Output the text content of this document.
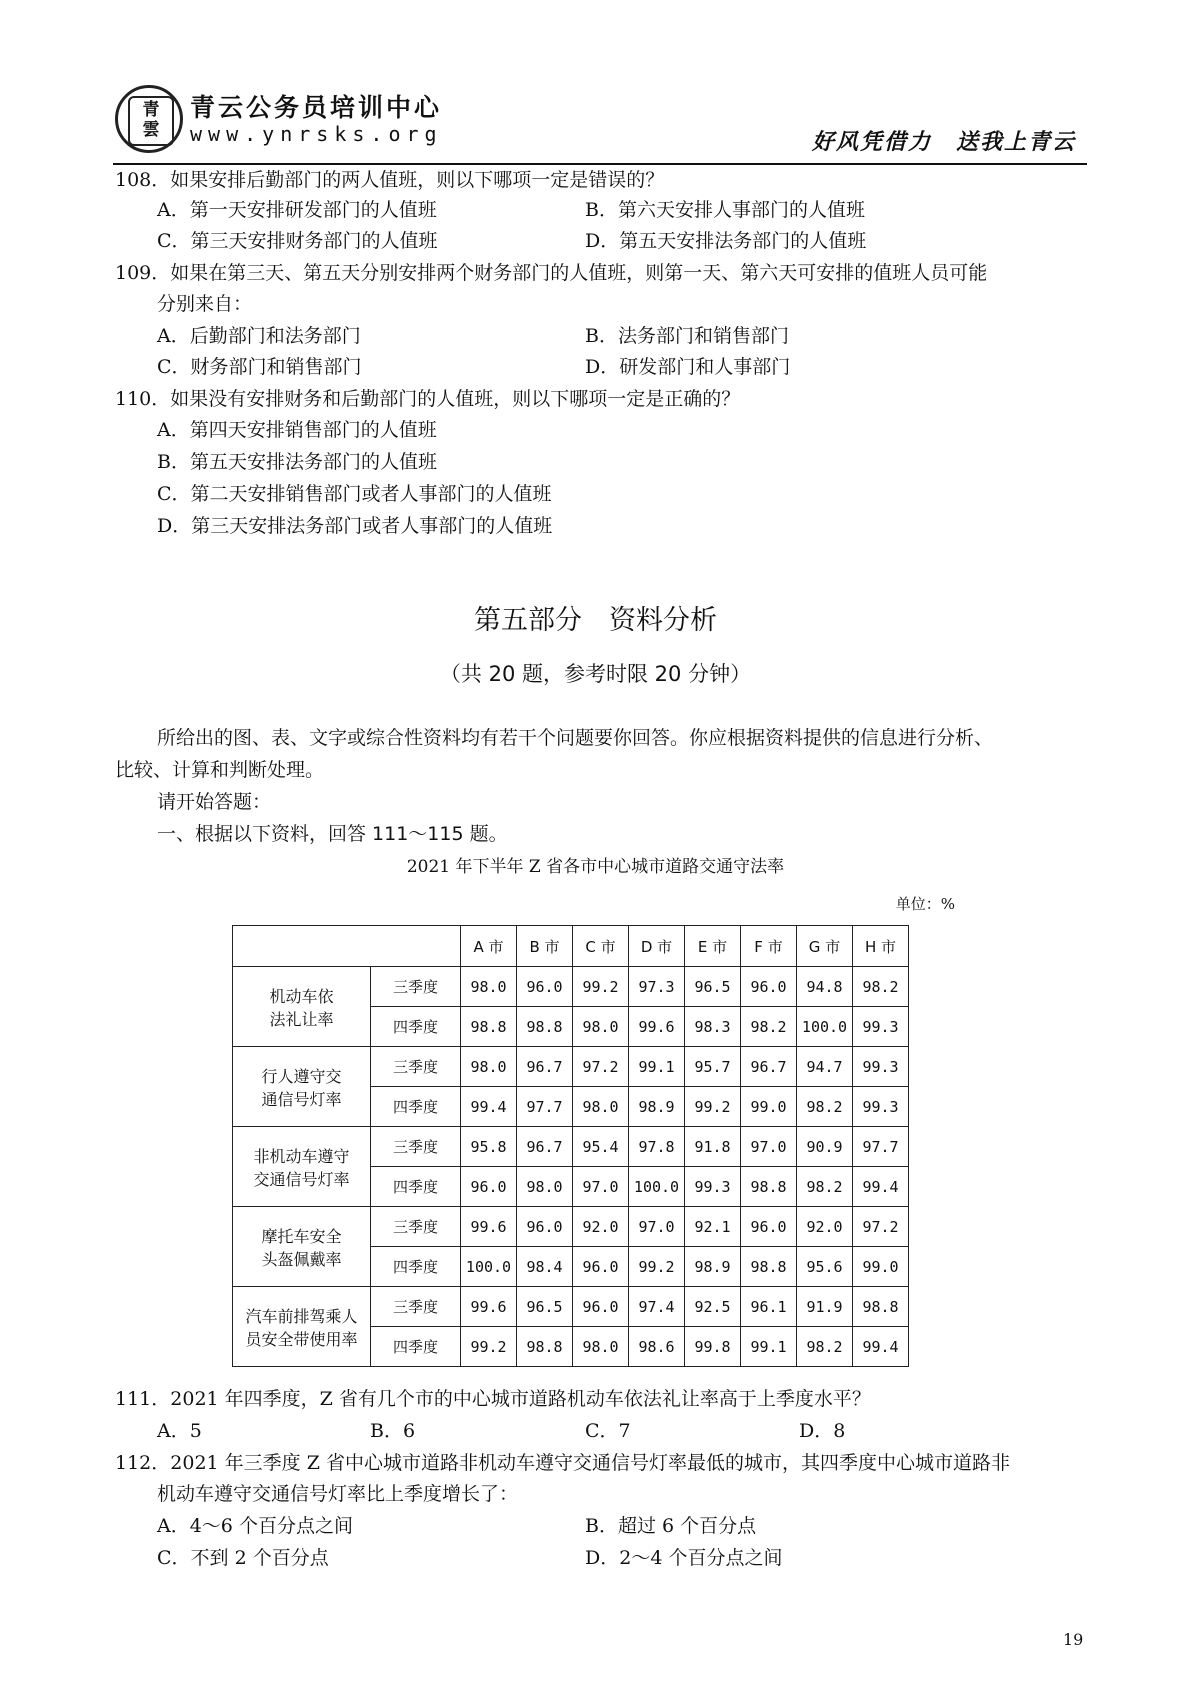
青
雲
青云公务员培训中心
www.ynrsks.org	好风凭借力　送我上青云
108．如果安排后勤部门的两人值班，则以下哪项一定是错误的？
A．第一天安排研发部门的人值班	B．第六天安排人事部门的人值班
C．第三天安排财务部门的人值班	D．第五天安排法务部门的人值班
109．如果在第三天、第五天分别安排两个财务部门的人值班，则第一天、第六天可安排的值班人员可能
分别来自：
A．后勤部门和法务部门	B．法务部门和销售部门
C．财务部门和销售部门	D．研发部门和人事部门
110．如果没有安排财务和后勤部门的人值班，则以下哪项一定是正确的？
A．第四天安排销售部门的人值班
B．第五天安排法务部门的人值班
C．第二天安排销售部门或者人事部门的人值班
D．第三天安排法务部门或者人事部门的人值班
第五部分　资料分析
（共 20 题，参考时限 20 分钟）
所给出的图、表、文字或综合性资料均有若干个问题要你回答。你应根据资料提供的信息进行分析、
比较、计算和判断处理。
请开始答题：
一、根据以下资料，回答 111～115 题。
2021 年下半年 Z 省各市中心城市道路交通守法率
单位：%
		A 市	B 市	C 市	D 市	E 市	F 市	G 市	H 市
机动车依	三季度	98.0	96.0	99.2	97.3	96.5	96.0	94.8	98.2
法礼让率	四季度	98.8	98.8	98.0	99.6	98.3	98.2	100.0	99.3
行人遵守交	三季度	98.0	96.7	97.2	99.1	95.7	96.7	94.7	99.3
通信号灯率	四季度	99.4	97.7	98.0	98.9	99.2	99.0	98.2	99.3
非机动车遵守	三季度	95.8	96.7	95.4	97.8	91.8	97.0	90.9	97.7
交通信号灯率	四季度	96.0	98.0	97.0	100.0	99.3	98.8	98.2	99.4
摩托车安全	三季度	99.6	96.0	92.0	97.0	92.1	96.0	92.0	97.2
头盔佩戴率	四季度	100.0	98.4	96.0	99.2	98.9	98.8	95.6	99.0
汽车前排驾乘人	三季度	99.6	96.5	96.0	97.4	92.5	96.1	91.9	98.8
员安全带使用率	四季度	99.2	98.8	98.0	98.6	99.8	99.1	98.2	99.4
111．2021 年四季度，Z 省有几个市的中心城市道路机动车依法礼让率高于上季度水平？
A．5	B．6	C．7	D．8
112．2021 年三季度 Z 省中心城市道路非机动车遵守交通信号灯率最低的城市，其四季度中心城市道路非
机动车遵守交通信号灯率比上季度增长了：
A．4～6 个百分点之间	B．超过 6 个百分点
C．不到 2 个百分点	D．2～4 个百分点之间
19
